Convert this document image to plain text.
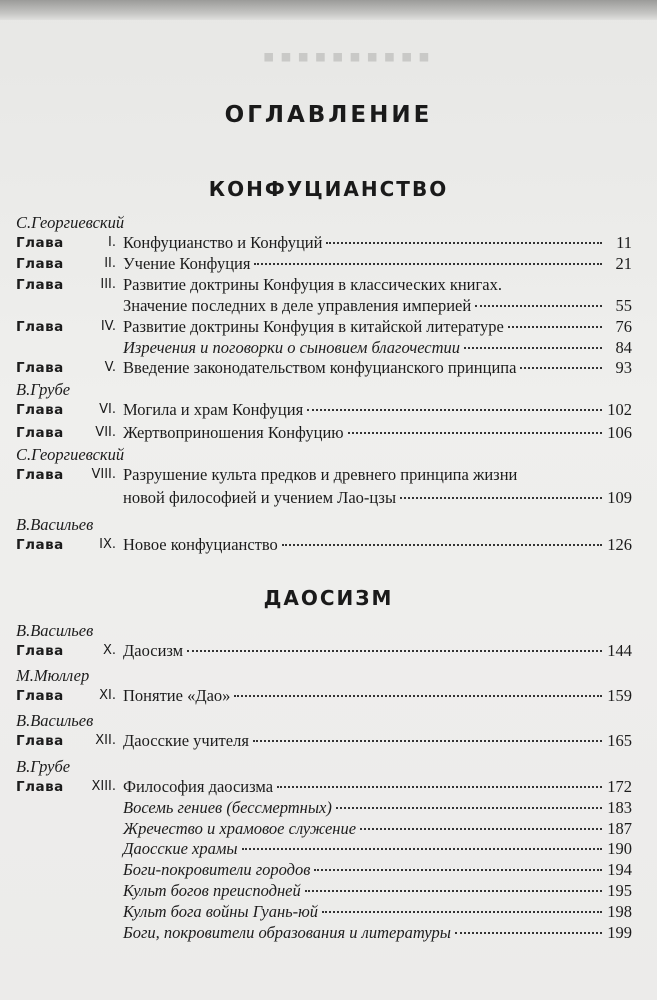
▪▪▪▪▪▪▪▪▪▪
ОГЛАВЛЕНИЕ
КОНФУЦИАНСТВО
С.Георгиевский
Глава	I. Конфуцианство и Конфуций	11
Глава	II. Учение Конфуция	21
Глава	III. Развитие доктрины Конфуция в классических книгах.
Значение последних в деле управления империей	55
Глава	IV. Развитие доктрины Конфуция в китайской литературе	76
Изречения и поговорки о сыновием благочестии	84
Глава	V. Введение законодательством конфуцианского принципа	93
В.Грубе
Глава	VI. Могила и храм Конфуция	102
Глава	VII. Жертвоприношения Конфуцию	106
С.Георгиевский
Глава	VIII. Разрушение культа предков и древнего принципа жизни
новой философией и учением Лао-цзы	109
В.Васильев
Глава	IX. Новое конфуцианство	126
ДАОСИЗМ
В.Васильев
Глава	X. Даосизм	144
М.Мюллер
Глава	XI. Понятие «Дао»	159
В.Васильев
Глава	XII. Даосские учителя	165
В.Грубе
Глава	XIII. Философия даосизма	172
Восемь гениев (бессмертных)	183
Жречество и храмовое служение	187
Даосские храмы	190
Боги-покровители городов	194
Культ богов преисподней	195
Культ бога войны Гуань-юй	198
Боги, покровители образования и литературы	199
